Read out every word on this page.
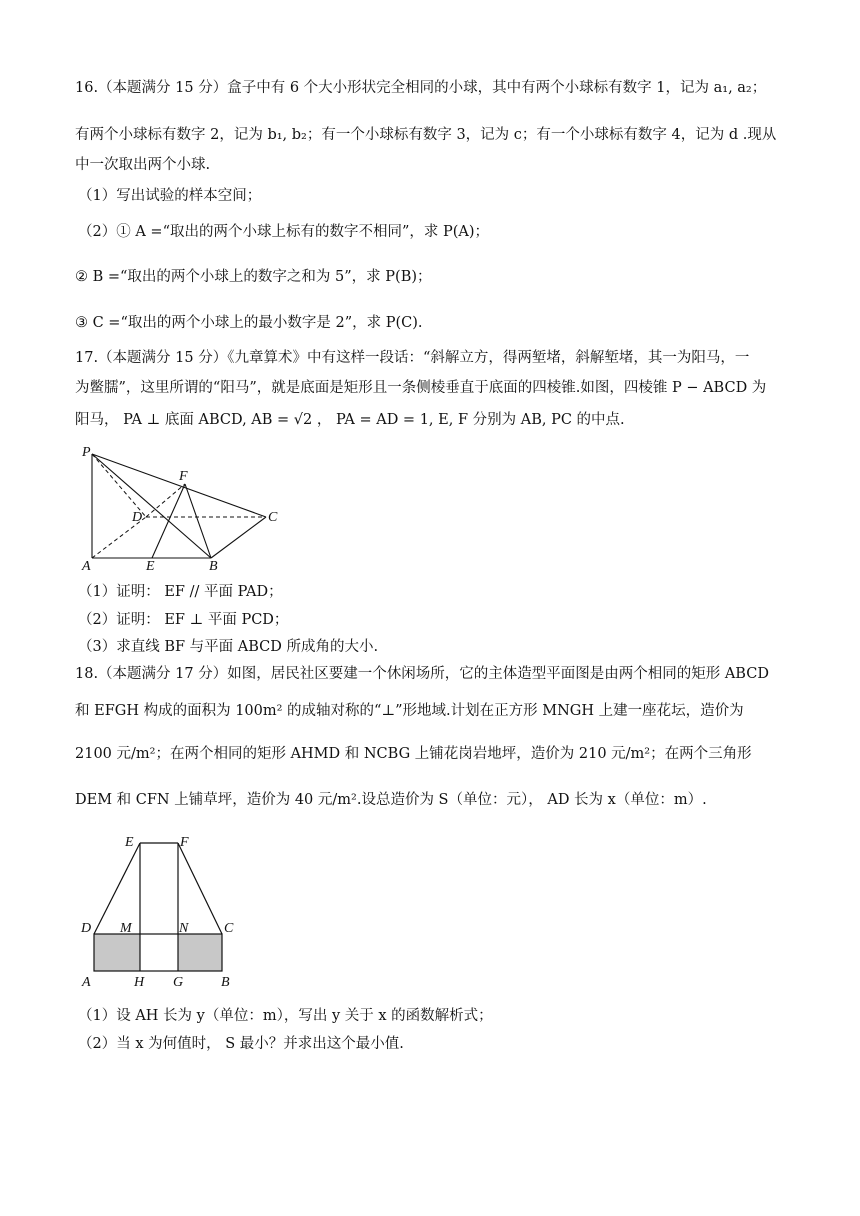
16.（本题满分 15 分）盒子中有 6 个大小形状完全相同的小球，其中有两个小球标有数字 1，记为 a₁, a₂；
有两个小球标有数字 2，记为 b₁, b₂；有一个小球标有数字 3，记为 c；有一个小球标有数字 4，记为 d .现从
中一次取出两个小球.
（1）写出试验的样本空间；
（2）① A =“取出的两个小球上标有的数字不相同”，求 P(A)；
② B =“取出的两个小球上的数字之和为 5”，求 P(B)；
③ C =“取出的两个小球上的最小数字是 2”，求 P(C).
17.（本题满分 15 分）《九章算术》中有这样一段话：“斜解立方，得两堑堵，斜解堑堵，其一为阳马，一
为鳖臑”，这里所谓的“阳马”，就是底面是矩形且一条侧棱垂直于底面的四棱锥.如图，四棱锥 P − ABCD 为
阳马， PA ⊥ 底面 ABCD, AB = √2 ， PA = AD = 1, E, F 分别为 AB, PC 的中点.
P
F
D	C
A	E	B
（1）证明： EF // 平面 PAD；
（2）证明： EF ⊥ 平面 PCD；
（3）求直线 BF 与平面 ABCD 所成角的大小.
18.（本题满分 17 分）如图，居民社区要建一个休闲场所，它的主体造型平面图是由两个相同的矩形 ABCD
和 EFGH 构成的面积为 100m² 的成轴对称的“⊥”形地域.计划在正方形 MNGH 上建一座花坛，造价为
2100 元/m²；在两个相同的矩形 AHMD 和 NCBG 上铺花岗岩地坪，造价为 210 元/m²；在两个三角形
DEM 和 CFN 上铺草坪，造价为 40 元/m².设总造价为 S（单位：元）， AD 长为 x（单位：m）.
E	F
D M	N	C
A	H G	B
（1）设 AH 长为 y（单位：m），写出 y 关于 x 的函数解析式；
（2）当 x 为何值时， S 最小？并求出这个最小值.
